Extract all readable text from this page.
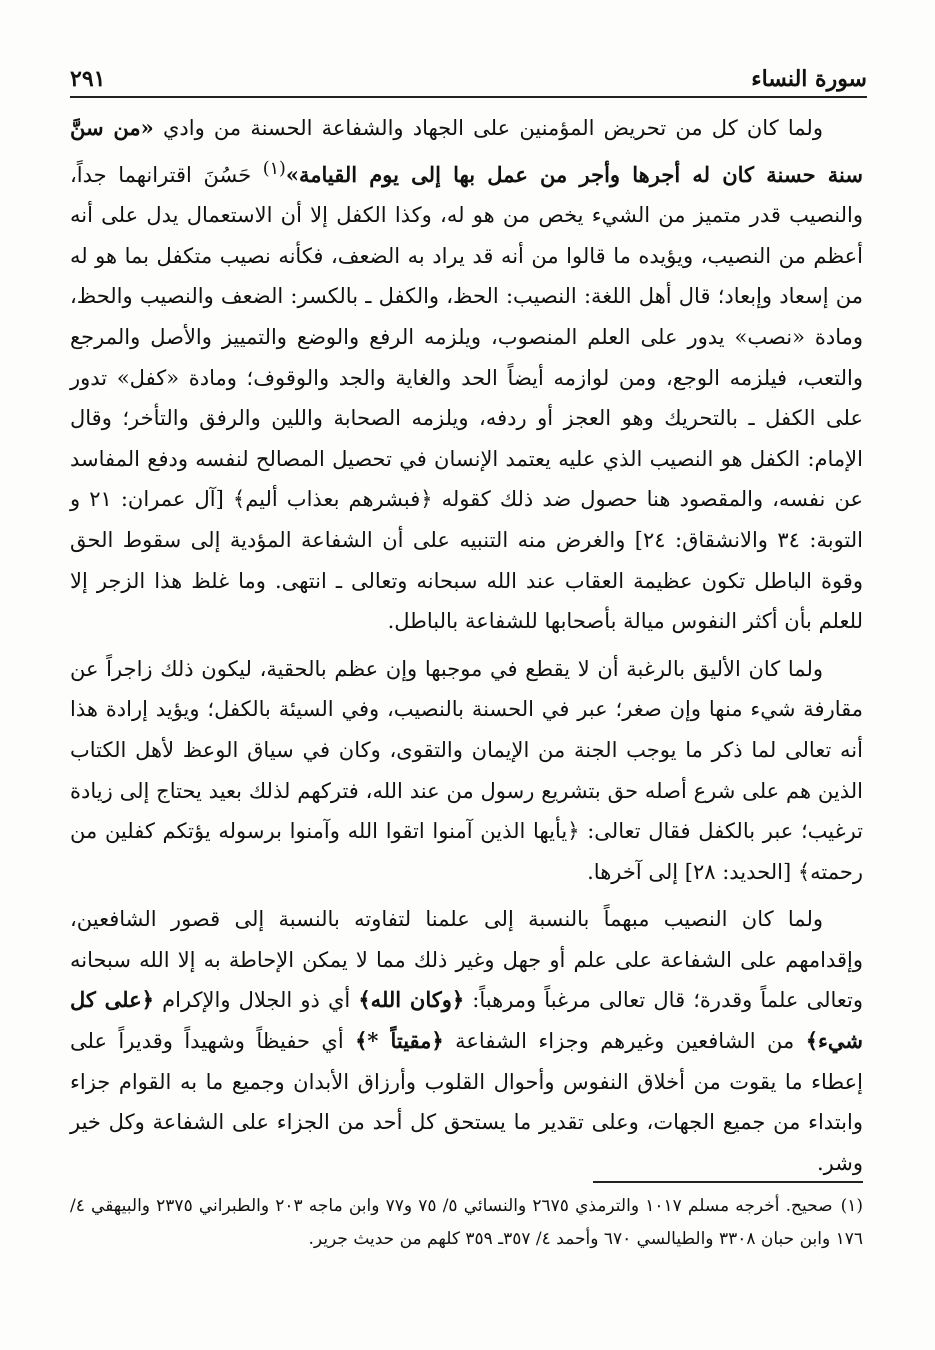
سورة النساء
٢٩١

ولما كان كل من تحريض المؤمنين على الجهاد والشفاعة الحسنة من وادي «من سنَّ سنة حسنة كان له أجرها وأجر من عمل بها إلى يوم القيامة»$^{(١)}$ حَسُنَ اقترانهما جداً، والنصيب قدر متميز من الشيء يخص من هو له، وكذا الكفل إلا أن الاستعمال يدل على أنه أعظم من النصيب، ويؤيده ما قالوا من أنه قد يراد به الضعف، فكأنه نصيب متكفل بما هو له من إسعاد وإبعاد؛ قال أهل اللغة: النصيب: الحظ، والكفل ـ بالكسر: الضعف والنصيب والحظ، ومادة «نصب» يدور على العلم المنصوب، ويلزمه الرفع والوضع والتمييز والأصل والمرجع والتعب، فيلزمه الوجع، ومن لوازمه أيضاً الحد والغاية والجد والوقوف؛ ومادة «كفل» تدور على الكفل ـ بالتحريك وهو العجز أو ردفه، ويلزمه الصحابة واللين والرفق والتأخر؛ وقال الإمام: الكفل هو النصيب الذي عليه يعتمد الإنسان في تحصيل المصالح لنفسه ودفع المفاسد عن نفسه، والمقصود هنا حصول ضد ذلك كقوله ﴿فبشرهم بعذاب أليم﴾ [آل عمران: ٢١ و التوبة: ٣٤ والانشقاق: ٢٤] والغرض منه التنبيه على أن الشفاعة المؤدية إلى سقوط الحق وقوة الباطل تكون عظيمة العقاب عند الله سبحانه وتعالى ـ انتهى. وما غلظ هذا الزجر إلا للعلم بأن أكثر النفوس ميالة بأصحابها للشفاعة بالباطل.

ولما كان الأليق بالرغبة أن لا يقطع في موجبها وإن عظم بالحقية، ليكون ذلك زاجراً عن مقارفة شيء منها وإن صغر؛ عبر في الحسنة بالنصيب، وفي السيئة بالكفل؛ ويؤيد إرادة هذا أنه تعالى لما ذكر ما يوجب الجنة من الإيمان والتقوى، وكان في سياق الوعظ لأهل الكتاب الذين هم على شرع أصله حق بتشريع رسول من عند الله، فتركهم لذلك بعيد يحتاج إلى زيادة ترغيب؛ عبر بالكفل فقال تعالى: ﴿يأيها الذين آمنوا اتقوا الله وآمنوا برسوله يؤتكم كفلين من رحمته﴾ [الحديد: ٢٨] إلى آخرها.

ولما كان النصيب مبهماً بالنسبة إلى علمنا لتفاوته بالنسبة إلى قصور الشافعين، وإقدامهم على الشفاعة على علم أو جهل وغير ذلك مما لا يمكن الإحاطة به إلا الله سبحانه وتعالى علماً وقدرة؛ قال تعالى مرغباً ومرهباً: ﴿وكان الله﴾ أي ذو الجلال والإكرام ﴿على كل شيء﴾ من الشافعين وغيرهم وجزاء الشفاعة ﴿مقيتاً *﴾ أي حفيظاً وشهيداً وقديراً على إعطاء ما يقوت من أخلاق النفوس وأحوال القلوب وأرزاق الأبدان وجميع ما به القوام جزاء وابتداء من جميع الجهات، وعلى تقدير ما يستحق كل أحد من الجزاء على الشفاعة وكل خير وشر.

(١)صحيح. أخرجه مسلم ١٠١٧ والترمذي ٢٦٧٥ والنسائي ٥/ ٧٥ و٧٧ وابن ماجه ٢٠٣ والطبراني ٢٣٧٥ والبيهقي ٤/ ١٧٦ وابن حبان ٣٣٠٨ والطيالسي ٦٧٠ وأحمد ٤/ ٣٥٧ـ ٣٥٩ كلهم من حديث جرير.
